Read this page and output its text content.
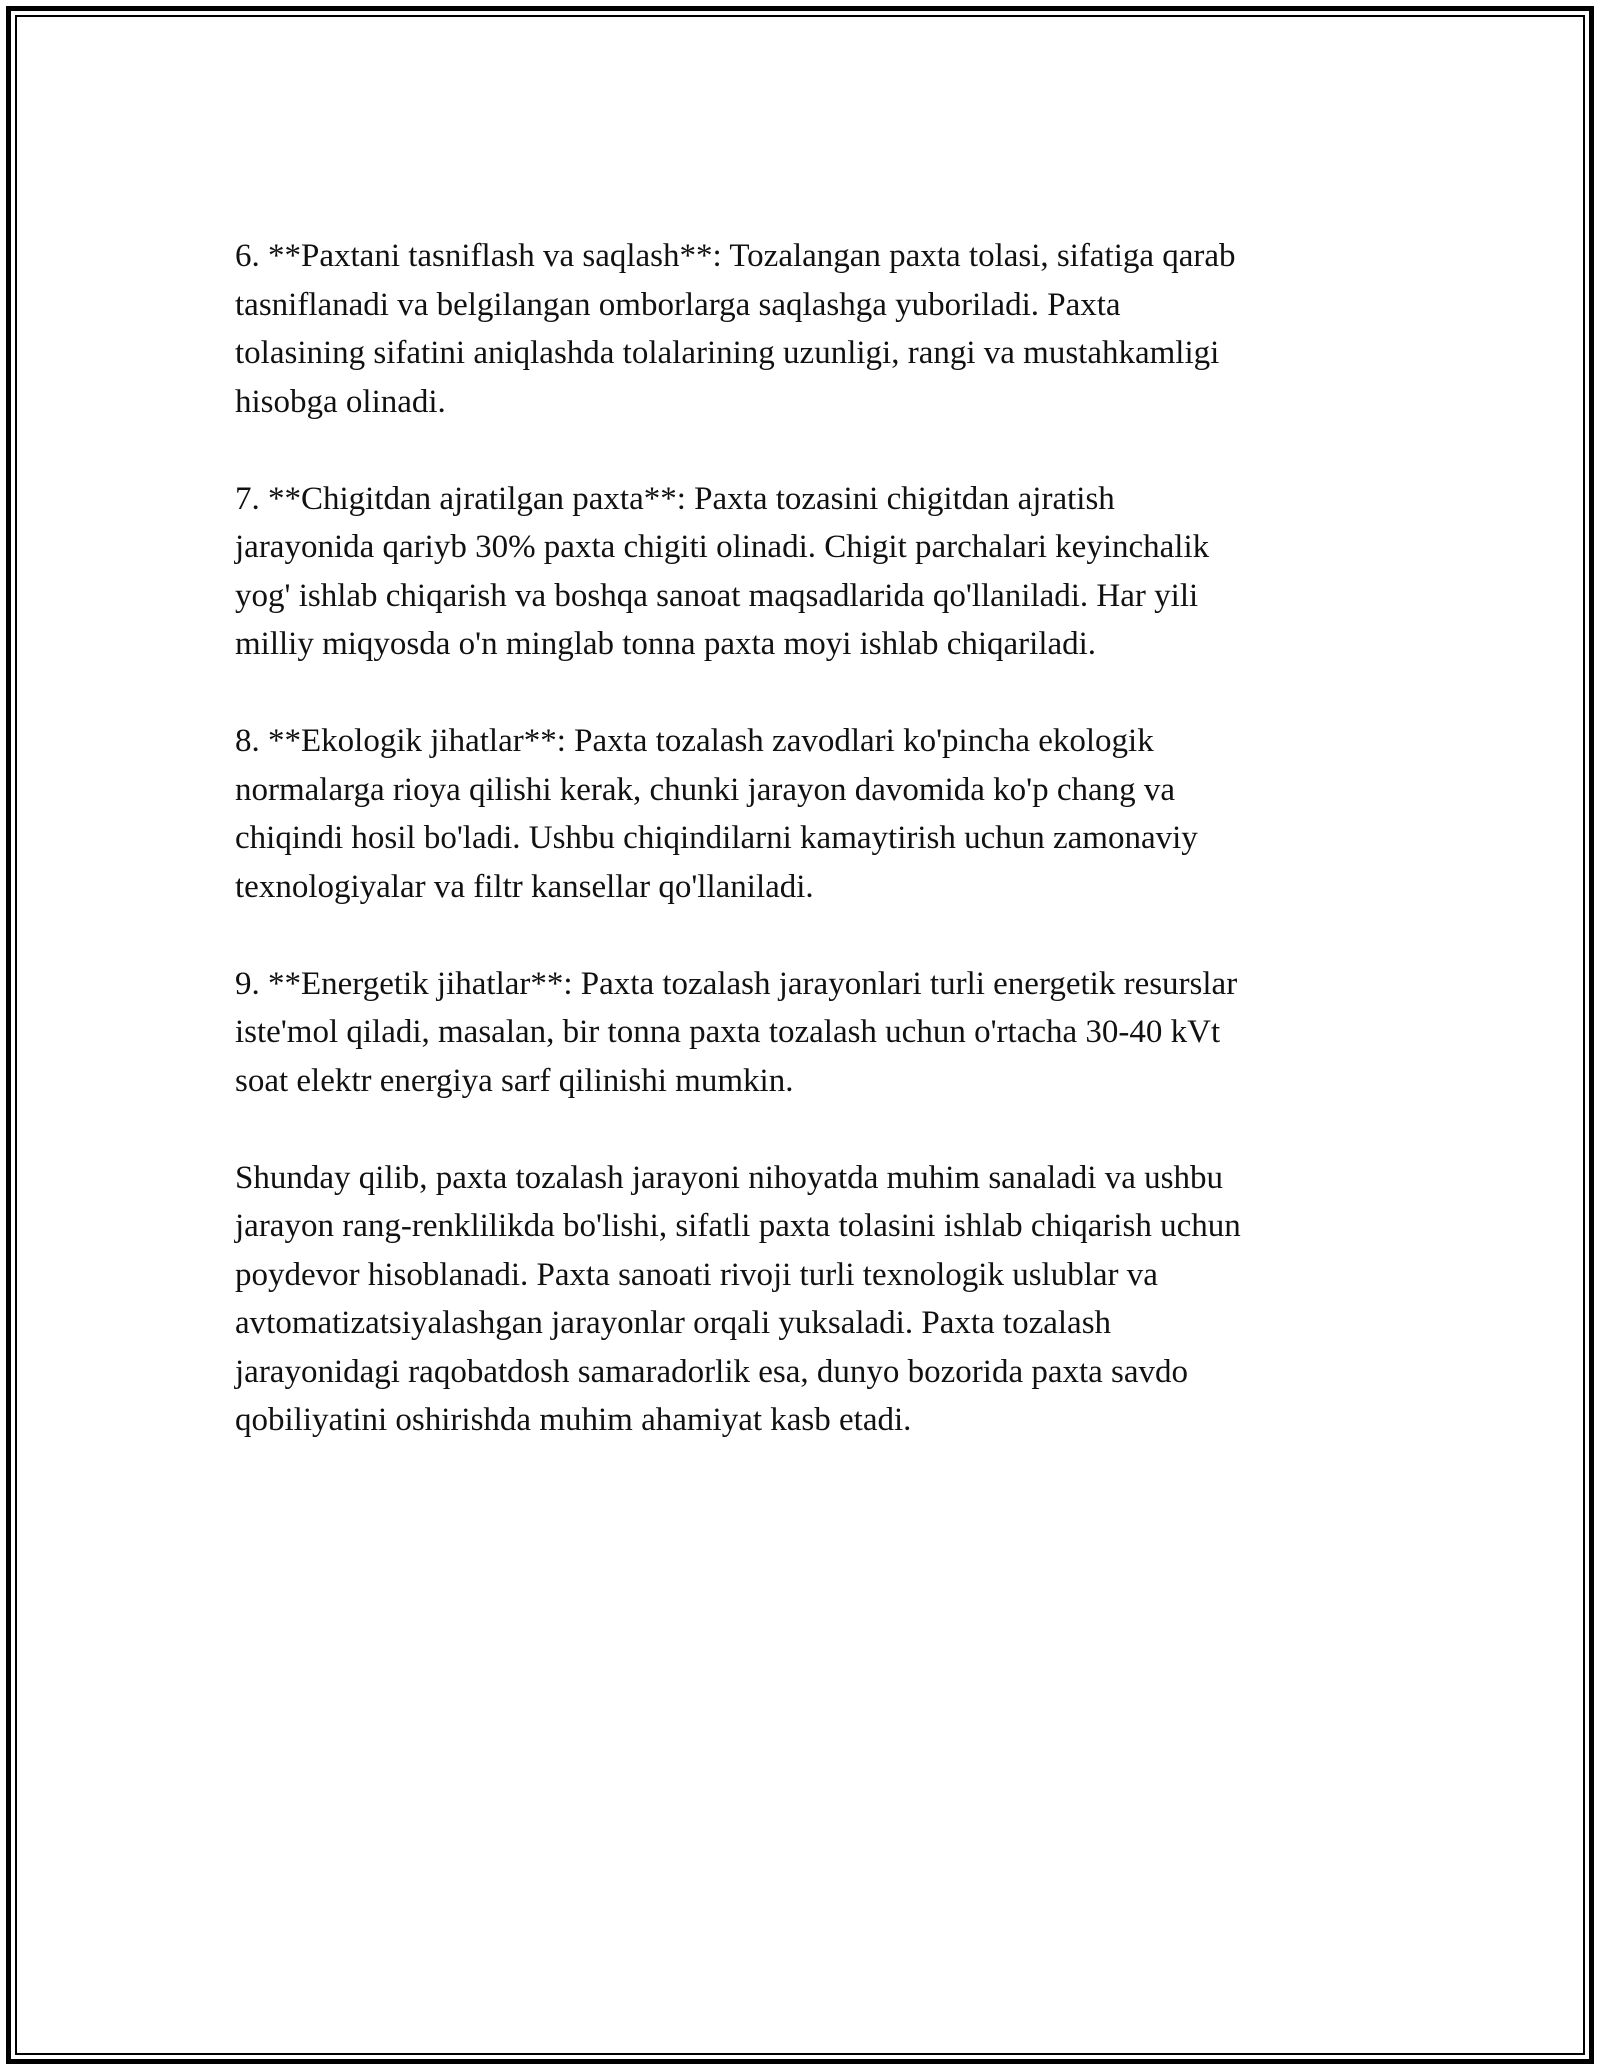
6. **Paxtani tasniflash va saqlash**: Tozalangan paxta tolasi, sifatiga qarab
tasniflanadi va belgilangan omborlarga saqlashga yuboriladi. Paxta
tolasining sifatini aniqlashda tolalarining uzunligi, rangi va mustahkamligi
hisobga olinadi.

7. **Chigitdan ajratilgan paxta**: Paxta tozasini chigitdan ajratish
jarayonida qariyb 30% paxta chigiti olinadi. Chigit parchalari keyinchalik
yog' ishlab chiqarish va boshqa sanoat maqsadlarida qo'llaniladi. Har yili
milliy miqyosda o'n minglab tonna paxta moyi ishlab chiqariladi.

8. **Ekologik jihatlar**: Paxta tozalash zavodlari ko'pincha ekologik
normalarga rioya qilishi kerak, chunki jarayon davomida ko'p chang va
chiqindi hosil bo'ladi. Ushbu chiqindilarni kamaytirish uchun zamonaviy
texnologiyalar va filtr kansellar qo'llaniladi.

9. **Energetik jihatlar**: Paxta tozalash jarayonlari turli energetik resurslar
iste'mol qiladi, masalan, bir tonna paxta tozalash uchun o'rtacha 30-40 kVt
soat elektr energiya sarf qilinishi mumkin.

Shunday qilib, paxta tozalash jarayoni nihoyatda muhim sanaladi va ushbu
jarayon rang-renklilikda bo'lishi, sifatli paxta tolasini ishlab chiqarish uchun
poydevor hisoblanadi. Paxta sanoati rivoji turli texnologik uslublar va
avtomatizatsiyalashgan jarayonlar orqali yuksaladi. Paxta tozalash
jarayonidagi raqobatdosh samaradorlik esa, dunyo bozorida paxta savdo
qobiliyatini oshirishda muhim ahamiyat kasb etadi.
